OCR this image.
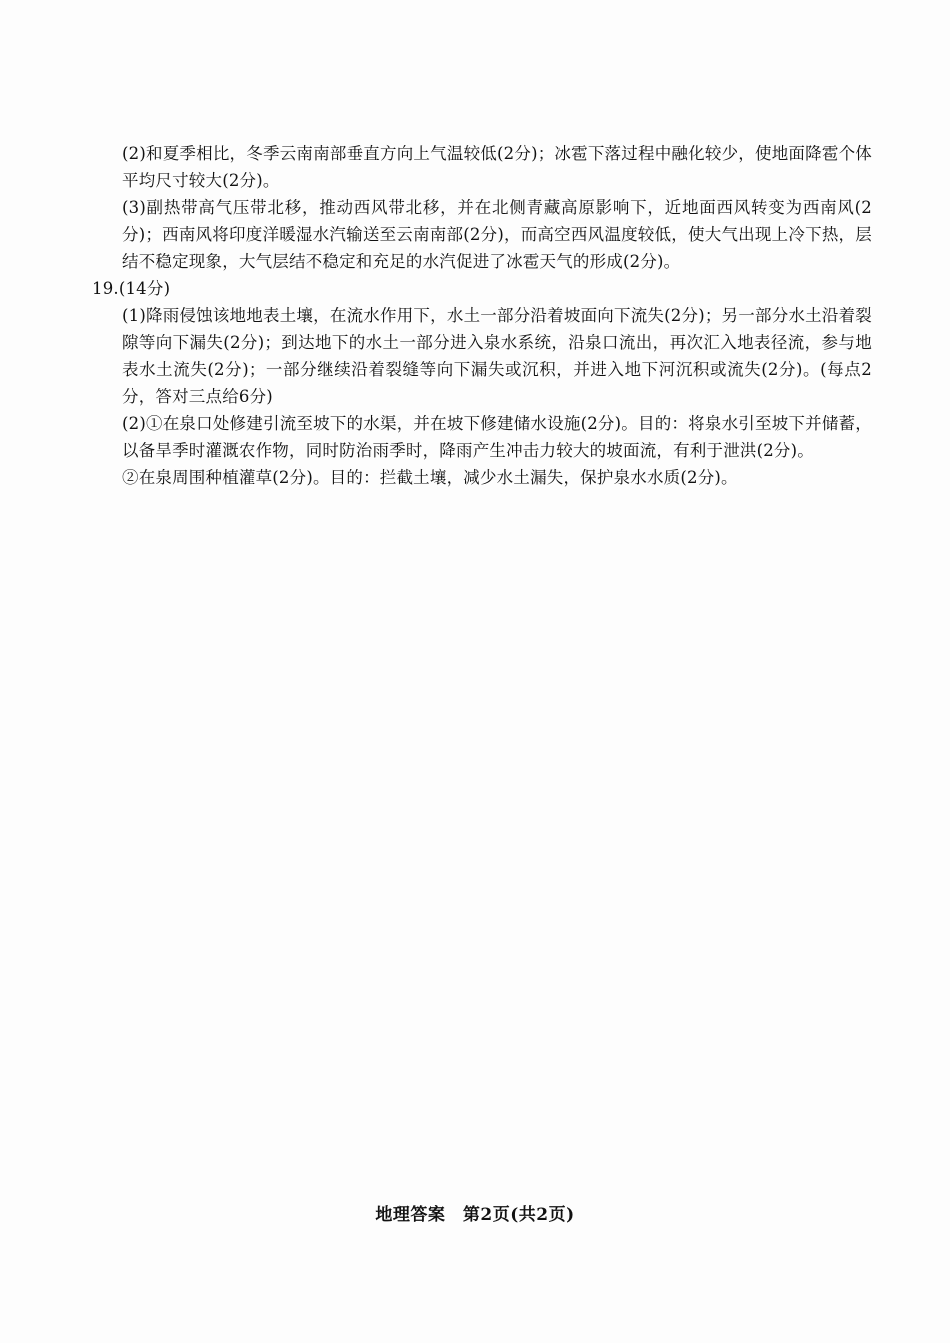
(2)和夏季相比，冬季云南南部垂直方向上气温较低(2分)；冰雹下落过程中融化较少，使地面降雹个体平均尺寸较大(2分)。

(3)副热带高气压带北移，推动西风带北移，并在北侧青藏高原影响下，近地面西风转变为西南风(2分)；西南风将印度洋暖湿水汽输送至云南南部(2分)，而高空西风温度较低，使大气出现上冷下热，层结不稳定现象，大气层结不稳定和充足的水汽促进了冰雹天气的形成(2分)。

19.(14分)

(1)降雨侵蚀该地地表土壤，在流水作用下，水土一部分沿着坡面向下流失(2分)；另一部分水土沿着裂隙等向下漏失(2分)；到达地下的水土一部分进入泉水系统，沿泉口流出，再次汇入地表径流，参与地表水土流失(2分)；一部分继续沿着裂缝等向下漏失或沉积，并进入地下河沉积或流失(2分)。(每点2分，答对三点给6分)

(2)①在泉口处修建引流至坡下的水渠，并在坡下修建储水设施(2分)。目的：将泉水引至坡下并储蓄，以备旱季时灌溉农作物，同时防治雨季时，降雨产生冲击力较大的坡面流，有利于泄洪(2分)。

②在泉周围种植灌草(2分)。目的：拦截土壤，减少水土漏失，保护泉水水质(2分)。

地理答案　第2页(共2页)
